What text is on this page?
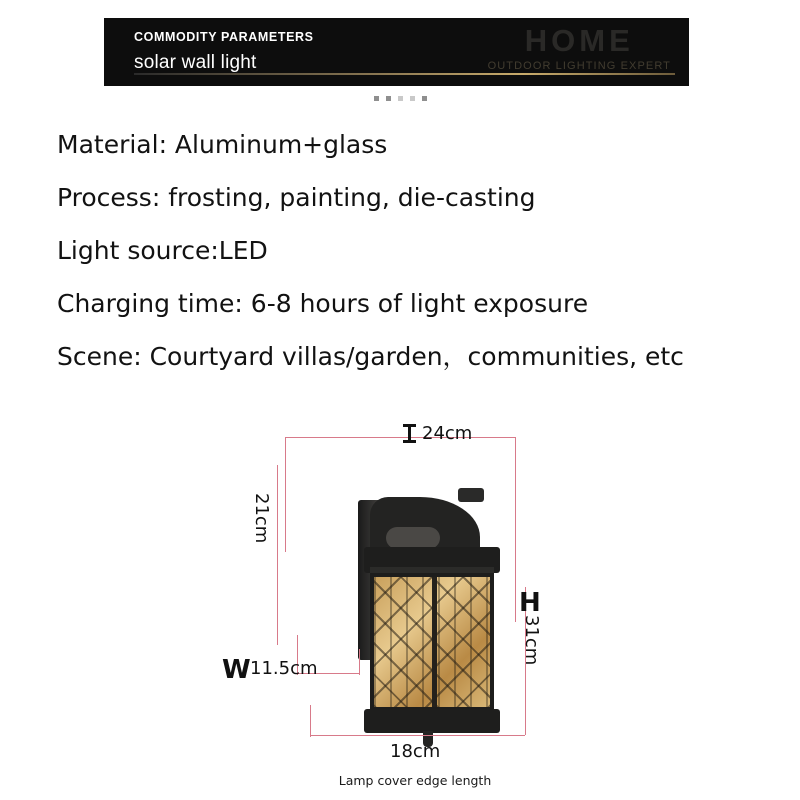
COMMODITY PARAMETERS
solar wall light
HOME
OUTDOOR LIGHTING EXPERT
Material: Aluminum+glass
Process: frosting, painting, die-casting
Light source:LED
Charging time: 6-8 hours of light exposure
Scene: Courtyard villas/garden，communities, etc
24cm
21cm
W 11.5cm
H
31cm
18cm
Lamp cover edge length
